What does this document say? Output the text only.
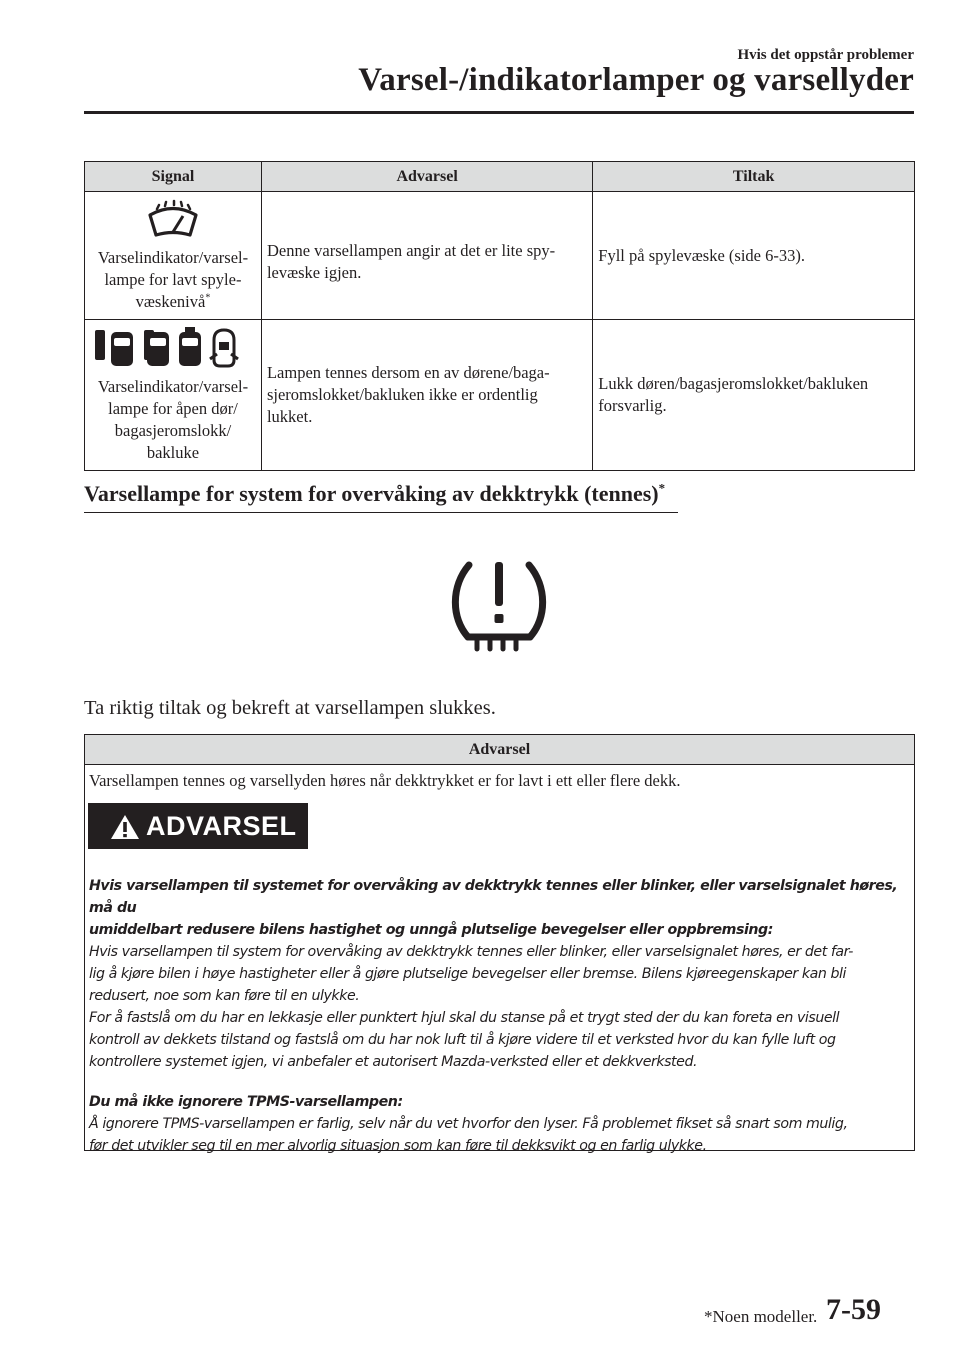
Hvis det oppstår problemer
Varsel-/indikatorlamper og varsellyder
Signal	Advarsel	Tiltak

Varselindikator/varsel-
lampe for lavt spyle-
væskenivå*	Denne varsellampen angir at det er lite spy-
levæske igjen.	Fyll på spylevæske (side 6-33).

Varselindikator/varsel-
lampe for åpen dør/
bagasjeromslokk/
bakluke	Lampen tennes dersom en av dørene/baga-
sjeromslokket/bakluken ikke er ordentlig
lukket.	Lukk døren/bagasjeromslokket/bakluken
forsvarlig.
Varsellampe for system for overvåking av dekktrykk (tennes)*
Ta riktig tiltak og bekreft at varsellampen slukkes.
Advarsel
Varsellampen tennes og varsellyden høres når dekktrykket er for lavt i ett eller flere dekk.
ADVARSEL

Hvis varsellampen til systemet for overvåking av dekktrykk tennes eller blinker, eller varselsignalet høres, må du

umiddelbart redusere bilens hastighet og unngå plutselige bevegelser eller oppbremsing:

Hvis varsellampen til system for overvåking av dekktrykk tennes eller blinker, eller varselsignalet høres, er det far-

lig å kjøre bilen i høye hastigheter eller å gjøre plutselige bevegelser eller bremse. Bilens kjøreegenskaper kan bli

redusert, noe som kan føre til en ulykke.

For å fastslå om du har en lekkasje eller punktert hjul skal du stanse på et trygt sted der du kan foreta en visuell

kontroll av dekkets tilstand og fastslå om du har nok luft til å kjøre videre til et verksted hvor du kan fylle luft og

kontrollere systemet igjen, vi anbefaler et autorisert Mazda-verksted eller et dekkverksted.

Du må ikke ignorere TPMS-varsellampen:

Å ignorere TPMS-varsellampen er farlig, selv når du vet hvorfor den lyser. Få problemet fikset så snart som mulig,

før det utvikler seg til en mer alvorlig situasjon som kan føre til dekksvikt og en farlig ulykke.

*Noen modeller. 7-59
